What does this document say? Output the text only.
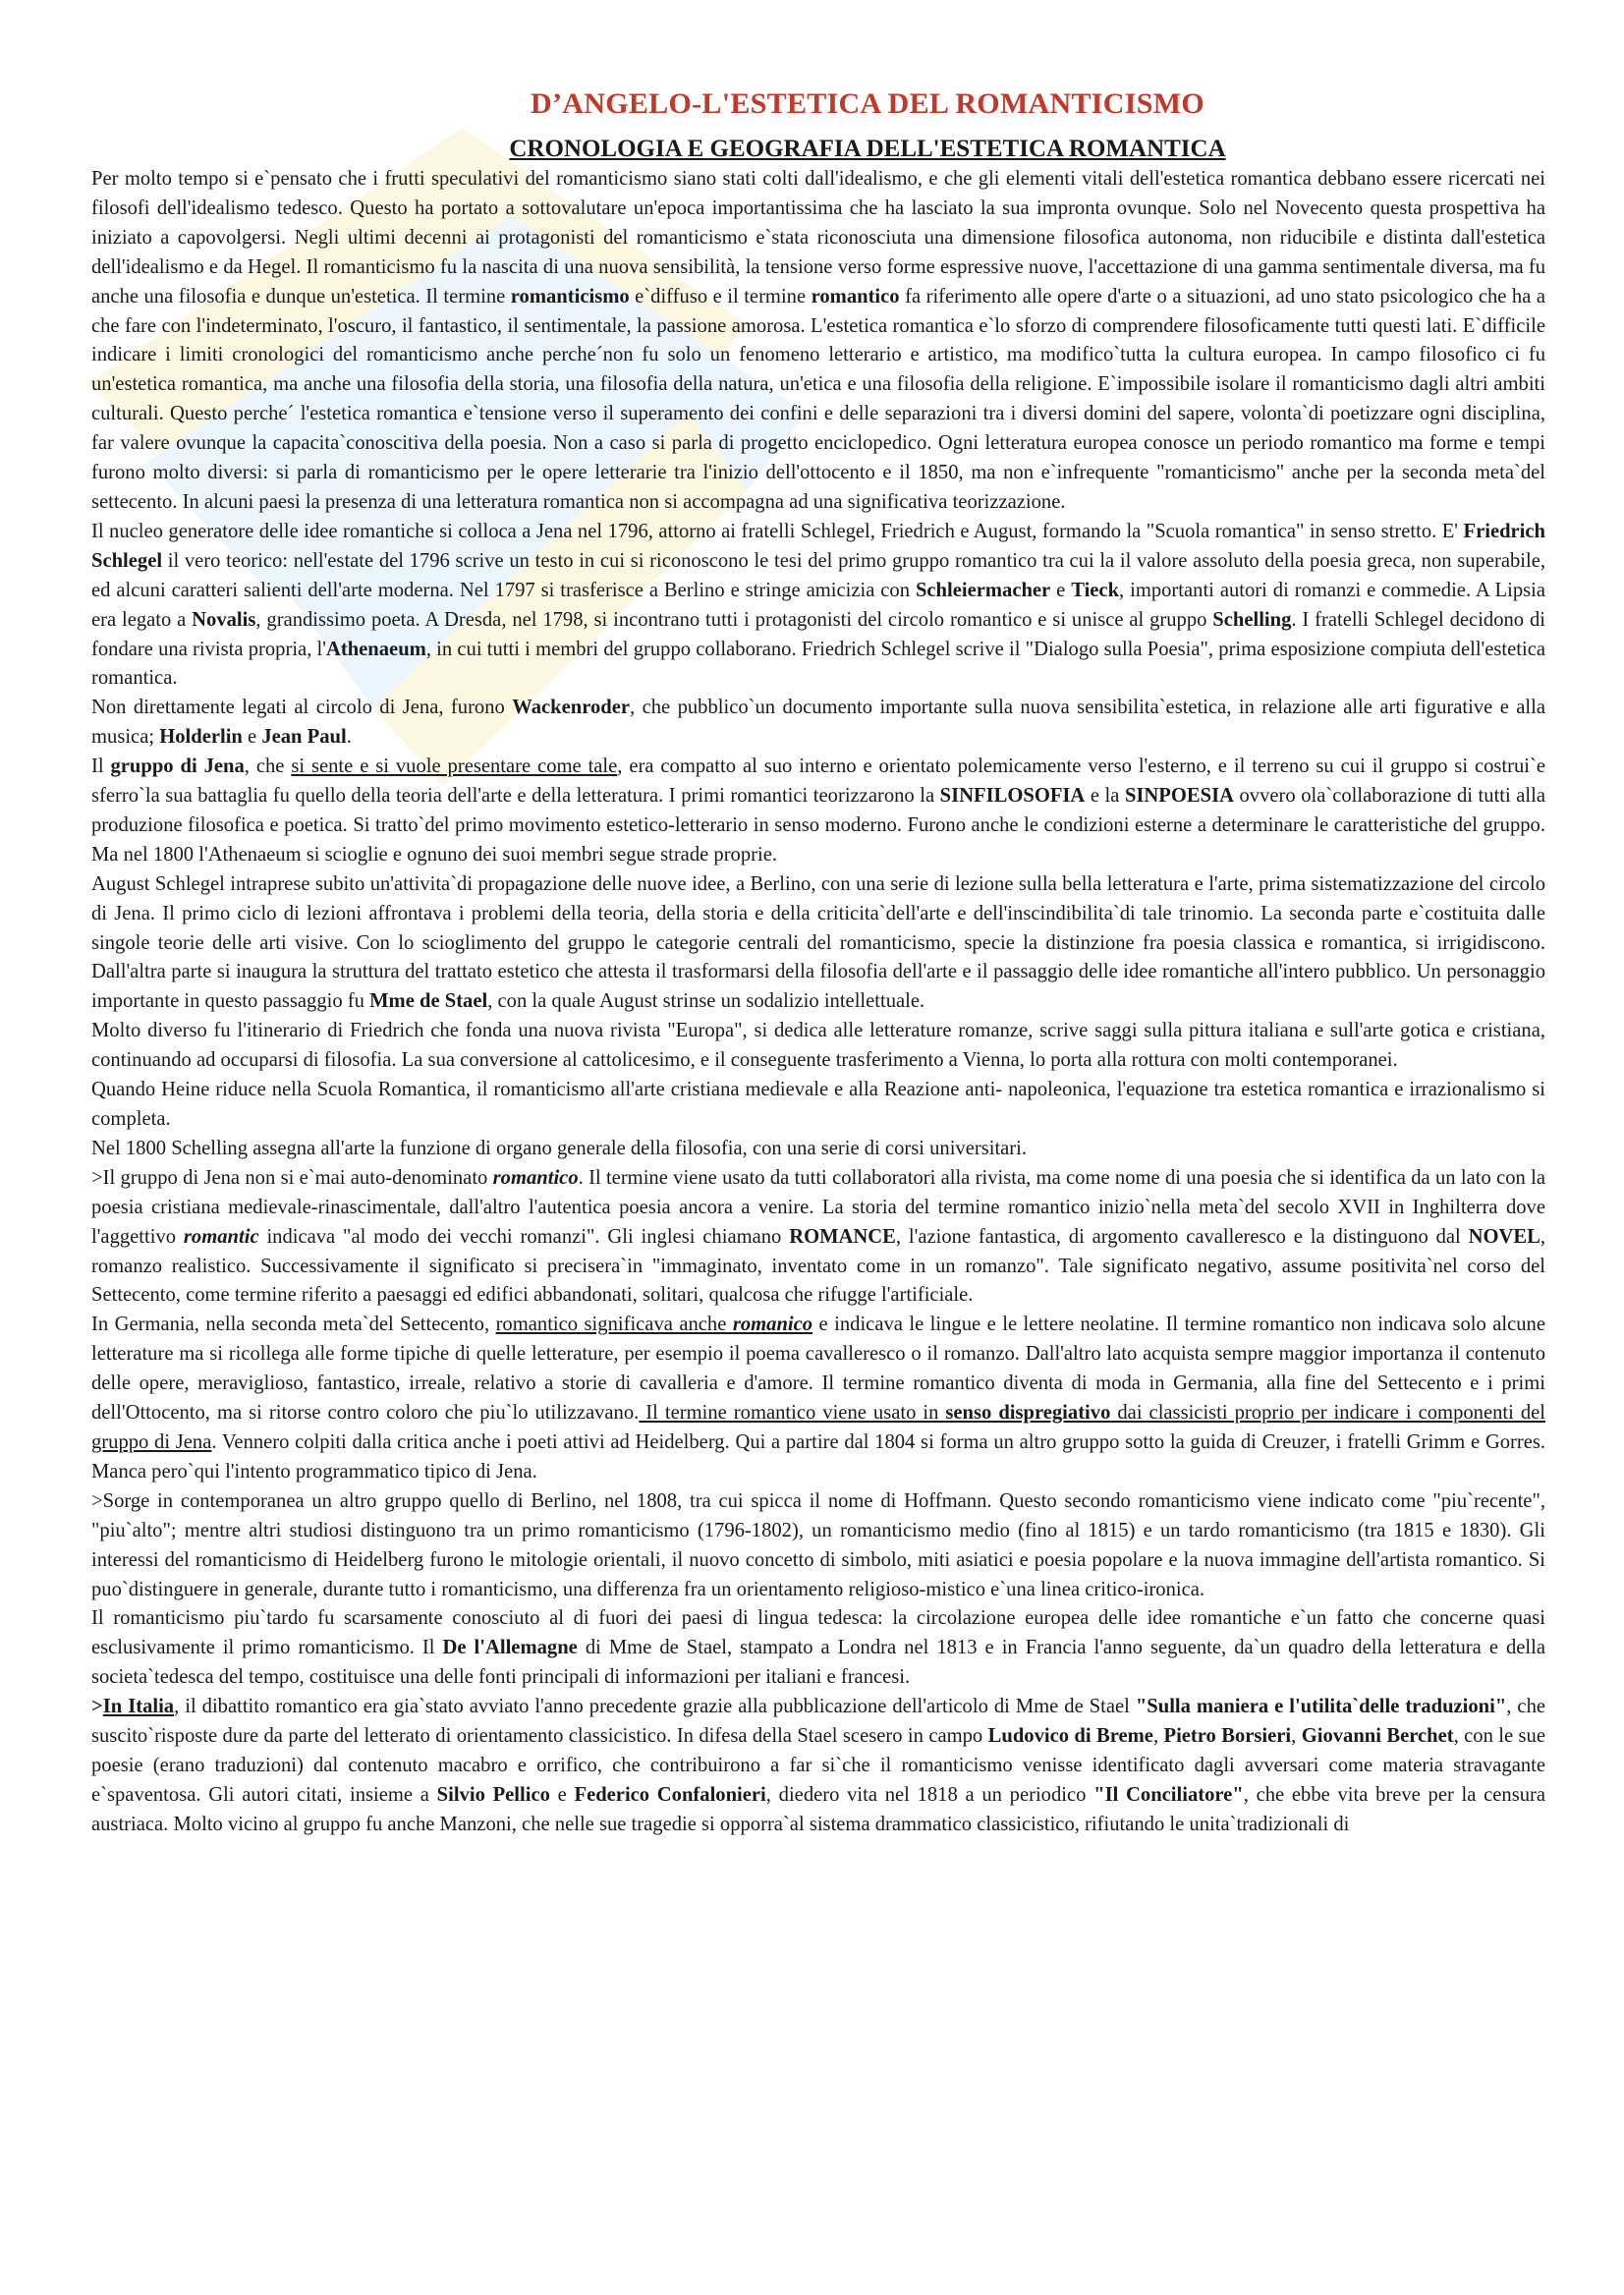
D’ANGELO-L'ESTETICA DEL ROMANTICISMO
CRONOLOGIA E GEOGRAFIA DELL'ESTETICA ROMANTICA

Per molto tempo si e`pensato che i frutti speculativi del romanticismo siano stati colti dall'idealismo, e che gli elementi vitali dell'estetica romantica debbano essere ricercati nei filosofi dell'idealismo tedesco. Questo ha portato a sottovalutare un'epoca importantissima che ha lasciato la sua impronta ovunque. Solo nel Novecento questa prospettiva ha iniziato a capovolgersi. Negli ultimi decenni ai protagonisti del romanticismo e`stata riconosciuta una dimensione filosofica autonoma, non riducibile e distinta dall'estetica dell'idealismo e da Hegel. Il romanticismo fu la nascita di una nuova sensibilità, la tensione verso forme espressive nuove, l'accettazione di una gamma sentimentale diversa, ma fu anche una filosofia e dunque un'estetica. Il termine romanticismo e`diffuso e il termine romantico fa riferimento alle opere d'arte o a situazioni, ad uno stato psicologico che ha a che fare con l'indeterminato, l'oscuro, il fantastico, il sentimentale, la passione amorosa. L'estetica romantica e`lo sforzo di comprendere filosoficamente tutti questi lati. E`difficile indicare i limiti cronologici del romanticismo anche perche´non fu solo un fenomeno letterario e artistico, ma modifico`tutta la cultura europea. In campo filosofico ci fu un'estetica romantica, ma anche una filosofia della storia, una filosofia della natura, un'etica e una filosofia della religione. E`impossibile isolare il romanticismo dagli altri ambiti culturali. Questo perche´ l'estetica romantica e`tensione verso il superamento dei confini e delle separazioni tra i diversi domini del sapere, volonta`di poetizzare ogni disciplina, far valere ovunque la capacita`conoscitiva della poesia. Non a caso si parla di progetto enciclopedico. Ogni letteratura europea conosce un periodo romantico ma forme e tempi furono molto diversi: si parla di romanticismo per le opere letterarie tra l'inizio dell'ottocento e il 1850, ma non e`infrequente "romanticismo" anche per la seconda meta`del settecento. In alcuni paesi la presenza di una letteratura romantica non si accompagna ad una significativa teorizzazione.

Il nucleo generatore delle idee romantiche si colloca a Jena nel 1796, attorno ai fratelli Schlegel, Friedrich e August, formando la "Scuola romantica" in senso stretto. E' Friedrich Schlegel il vero teorico: nell'estate del 1796 scrive un testo in cui si riconoscono le tesi del primo gruppo romantico tra cui la il valore assoluto della poesia greca, non superabile, ed alcuni caratteri salienti dell'arte moderna. Nel 1797 si trasferisce a Berlino e stringe amicizia con Schleiermacher e Tieck, importanti autori di romanzi e commedie. A Lipsia era legato a Novalis, grandissimo poeta. A Dresda, nel 1798, si incontrano tutti i protagonisti del circolo romantico e si unisce al gruppo Schelling. I fratelli Schlegel decidono di fondare una rivista propria, l'Athenaeum, in cui tutti i membri del gruppo collaborano. Friedrich Schlegel scrive il "Dialogo sulla Poesia", prima esposizione compiuta dell'estetica romantica.

Non direttamente legati al circolo di Jena, furono Wackenroder, che pubblico`un documento importante sulla nuova sensibilita`estetica, in relazione alle arti figurative e alla musica; Holderlin e Jean Paul.

Il gruppo di Jena, che si sente e si vuole presentare come tale, era compatto al suo interno e orientato polemicamente verso l'esterno, e il terreno su cui il gruppo si costrui`e sferro`la sua battaglia fu quello della teoria dell'arte e della letteratura. I primi romantici teorizzarono la SINFILOSOFIA e la SINPOESIA ovvero ola`collaborazione di tutti alla produzione filosofica e poetica. Si tratto`del primo movimento estetico-letterario in senso moderno. Furono anche le condizioni esterne a determinare le caratteristiche del gruppo. Ma nel 1800 l'Athenaeum si scioglie e ognuno dei suoi membri segue strade proprie.

August Schlegel intraprese subito un'attivita`di propagazione delle nuove idee, a Berlino, con una serie di lezione sulla bella letteratura e l'arte, prima sistematizzazione del circolo di Jena. Il primo ciclo di lezioni affrontava i problemi della teoria, della storia e della criticita`dell'arte e dell'inscindibilita`di tale trinomio. La seconda parte e`costituita dalle singole teorie delle arti visive. Con lo scioglimento del gruppo le categorie centrali del romanticismo, specie la distinzione fra poesia classica e romantica, si irrigidiscono. Dall'altra parte si inaugura la struttura del trattato estetico che attesta il trasformarsi della filosofia dell'arte e il passaggio delle idee romantiche all'intero pubblico. Un personaggio importante in questo passaggio fu Mme de Stael, con la quale August strinse un sodalizio intellettuale.

Molto diverso fu l'itinerario di Friedrich che fonda una nuova rivista "Europa", si dedica alle letterature romanze, scrive saggi sulla pittura italiana e sull'arte gotica e cristiana, continuando ad occuparsi di filosofia. La sua conversione al cattolicesimo, e il conseguente trasferimento a Vienna, lo porta alla rottura con molti contemporanei.

Quando Heine riduce nella Scuola Romantica, il romanticismo all'arte cristiana medievale e alla Reazione anti- napoleonica, l'equazione tra estetica romantica e irrazionalismo si completa.

Nel 1800 Schelling assegna all'arte la funzione di organo generale della filosofia, con una serie di corsi universitari.

>Il gruppo di Jena non si e`mai auto-denominato romantico. Il termine viene usato da tutti collaboratori alla rivista, ma come nome di una poesia che si identifica da un lato con la poesia cristiana medievale-rinascimentale, dall'altro l'autentica poesia ancora a venire. La storia del termine romantico inizio`nella meta`del secolo XVII in Inghilterra dove l'aggettivo romantic indicava "al modo dei vecchi romanzi". Gli inglesi chiamano ROMANCE, l'azione fantastica, di argomento cavalleresco e la distinguono dal NOVEL, romanzo realistico. Successivamente il significato si precisera`in "immaginato, inventato come in un romanzo". Tale significato negativo, assume positivita`nel corso del Settecento, come termine riferito a paesaggi ed edifici abbandonati, solitari, qualcosa che rifugge l'artificiale.

In Germania, nella seconda meta`del Settecento, romantico significava anche romanico e indicava le lingue e le lettere neolatine. Il termine romantico non indicava solo alcune letterature ma si ricollega alle forme tipiche di quelle letterature, per esempio il poema cavalleresco o il romanzo. Dall'altro lato acquista sempre maggior importanza il contenuto delle opere, meraviglioso, fantastico, irreale, relativo a storie di cavalleria e d'amore. Il termine romantico diventa di moda in Germania, alla fine del Settecento e i primi dell'Ottocento, ma si ritorse contro coloro che piu`lo utilizzavano. Il termine romantico viene usato in senso dispregiativo dai classicisti proprio per indicare i componenti del gruppo di Jena. Vennero colpiti dalla critica anche i poeti attivi ad Heidelberg. Qui a partire dal 1804 si forma un altro gruppo sotto la guida di Creuzer, i fratelli Grimm e Gorres. Manca pero`qui l'intento programmatico tipico di Jena.

>Sorge in contemporanea un altro gruppo quello di Berlino, nel 1808, tra cui spicca il nome di Hoffmann. Questo secondo romanticismo viene indicato come "piu`recente", "piu`alto"; mentre altri studiosi distinguono tra un primo romanticismo (1796-1802), un romanticismo medio (fino al 1815) e un tardo romanticismo (tra 1815 e 1830). Gli interessi del romanticismo di Heidelberg furono le mitologie orientali, il nuovo concetto di simbolo, miti asiatici e poesia popolare e la nuova immagine dell'artista romantico. Si puo`distinguere in generale, durante tutto i romanticismo, una differenza fra un orientamento religioso-mistico e`una linea critico-ironica.

Il romanticismo piu`tardo fu scarsamente conosciuto al di fuori dei paesi di lingua tedesca: la circolazione europea delle idee romantiche e`un fatto che concerne quasi esclusivamente il primo romanticismo. Il De l'Allemagne di Mme de Stael, stampato a Londra nel 1813 e in Francia l'anno seguente, da`un quadro della letteratura e della societa`tedesca del tempo, costituisce una delle fonti principali di informazioni per italiani e francesi.

>In Italia, il dibattito romantico era gia`stato avviato l'anno precedente grazie alla pubblicazione dell'articolo di Mme de Stael "Sulla maniera e l'utilita`delle traduzioni", che suscito`risposte dure da parte del letterato di orientamento classicistico. In difesa della Stael scesero in campo Ludovico di Breme, Pietro Borsieri, Giovanni Berchet, con le sue poesie (erano traduzioni) dal contenuto macabro e orrifico, che contribuirono a far si`che il romanticismo venisse identificato dagli avversari come materia stravagante e`spaventosa. Gli autori citati, insieme a Silvio Pellico e Federico Confalonieri, diedero vita nel 1818 a un periodico "Il Conciliatore", che ebbe vita breve per la censura austriaca. Molto vicino al gruppo fu anche Manzoni, che nelle sue tragedie si opporra`al sistema drammatico classicistico, rifiutando le unita`tradizionali di
